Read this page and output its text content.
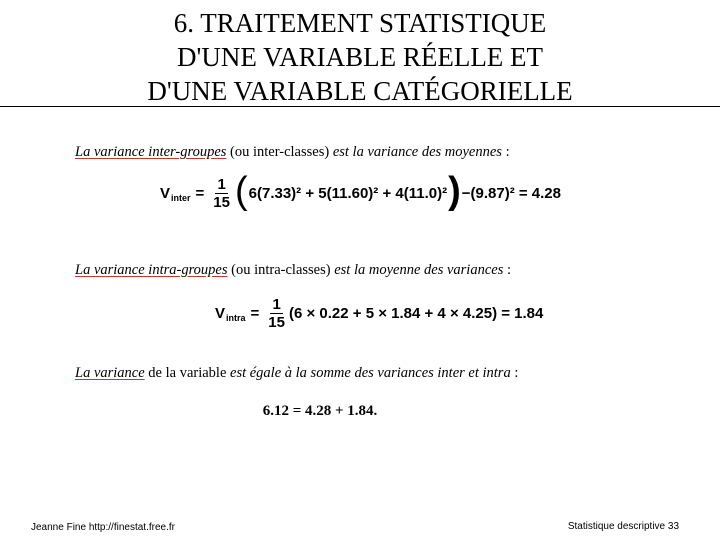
6. TRAITEMENT STATISTIQUE
D'UNE VARIABLE RÉELLE ET
D'UNE VARIABLE CATÉGORIELLE
La variance inter-groupes (ou inter-classes) est la variance des moyennes :
$V_{inter} = \frac{1}{15}$ ( 6(7.33)² + 5(11.60)² + 4(11.0)² ) − (9.87)² = 4.28
La variance intra-groupes (ou intra-classes) est la moyenne des variances :
$V_{intra} = \frac{1}{15} (6 \times 0.22 + 5 \times 1.84 + 4 \times 4.25) = 1.84$
La variance de la variable est égale à la somme des variances inter et intra :
6.12 = 4.28 + 1.84.
Jeanne Fine http://finestat.free.fr	Statistique descriptive 33
